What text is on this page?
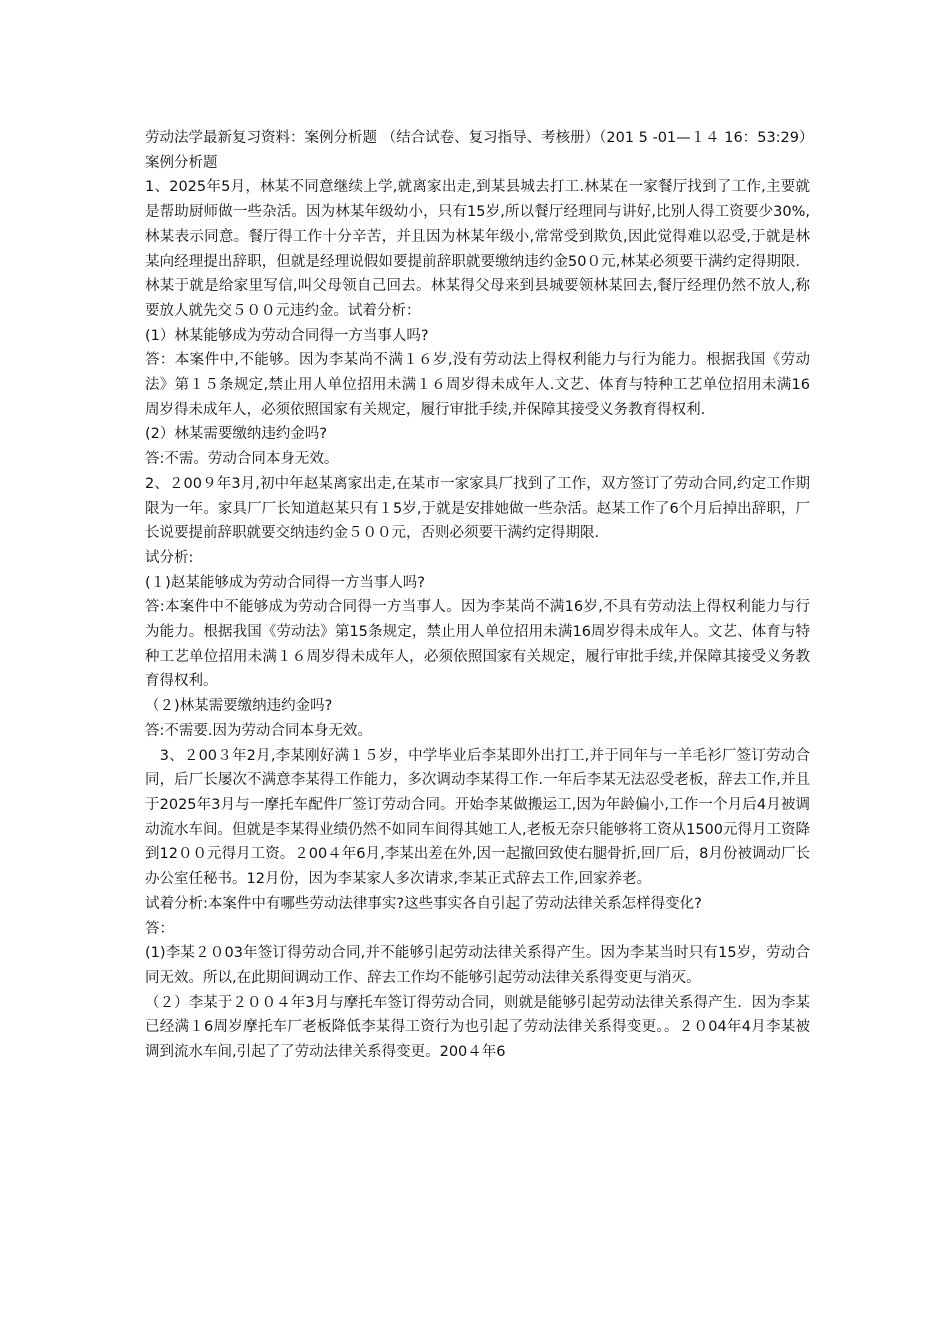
劳动法学最新复习资料：案例分析题 （结合试卷、复习指导、考核册）（201 5 -01—１４ 16：53:29）

案例分析题

1、2025年5月，林某不同意继续上学,就离家出走,到某县城去打工.林某在一家餐厅找到了工作,主要就是帮助厨师做一些杂活。因为林某年级幼小，只有15岁,所以餐厅经理同与讲好,比别人得工资要少30%,林某表示同意。餐厅得工作十分辛苦，并且因为林某年级小,常常受到欺负,因此觉得难以忍受,于就是林某向经理提出辞职，但就是经理说假如要提前辞职就要缴纳违约金50０元,林某必须要干满约定得期限．林某于就是给家里写信,叫父母领自己回去。林某得父母来到县城要领林某回去,餐厅经理仍然不放人,称要放人就先交５００元违约金。试着分析：

(1）林某能够成为劳动合同得一方当事人吗?

答：本案件中,不能够。因为李某尚不满１６岁,没有劳动法上得权利能力与行为能力。根据我国《劳动法》第１５条规定,禁止用人单位招用未满１６周岁得未成年人.文艺、体育与特种工艺单位招用未满16周岁得未成年人，必须依照国家有关规定，履行审批手续,并保障其接受义务教育得权利.

(2）林某需要缴纳违约金吗?

答:不需。劳动合同本身无效。

2、２00９年3月,初中年赵某离家出走,在某市一家家具厂找到了工作，双方签订了劳动合同,约定工作期限为一年。家具厂厂长知道赵某只有１5岁,于就是安排她做一些杂活。赵某工作了6个月后掉出辞职，厂长说要提前辞职就要交纳违约金５００元，否则必须要干满约定得期限.

试分析:

(１)赵某能够成为劳动合同得一方当事人吗?

答:本案件中不能够成为劳动合同得一方当事人。因为李某尚不满16岁,不具有劳动法上得权利能力与行为能力。根据我国《劳动法》第15条规定，禁止用人单位招用未满16周岁得未成年人。文艺、体育与特种工艺单位招用未满１６周岁得未成年人，必须依照国家有关规定，履行审批手续,并保障其接受义务教育得权利。

（２)林某需要缴纳违约金吗?

答:不需要.因为劳动合同本身无效。

　3、２00３年2月,李某刚好满１５岁，中学毕业后李某即外出打工,并于同年与一羊毛衫厂签订劳动合同，后厂长屡次不满意李某得工作能力，多次调动李某得工作.一年后李某无法忍受老板，辞去工作,并且于2025年3月与一摩托车配件厂签订劳动合同。开始李某做搬运工,因为年龄偏小,工作一个月后4月被调动流水车间。但就是李某得业绩仍然不如同车间得其她工人,老板无奈只能够将工资从1500元得月工资降到12００元得月工资。２00４年6月,李某出差在外,因一起撤回致使右腿骨折,回厂后，8月份被调动厂长办公室任秘书。12月份，因为李某家人多次请求,李某正式辞去工作,回家养老。

试着分析:本案件中有哪些劳动法律事实?这些事实各自引起了劳动法律关系怎样得变化?

答：

(1)李某２０03年签订得劳动合同,并不能够引起劳动法律关系得产生。因为李某当时只有15岁，劳动合同无效。所以,在此期间调动工作、辞去工作均不能够引起劳动法律关系得变更与消灭。

（２）李某于２００４年3月与摩托车签订得劳动合同，则就是能够引起劳动法律关系得产生．因为李某已经满１6周岁摩托车厂老板降低李某得工资行为也引起了劳动法律关系得变更。。２０04年4月李某被调到流水车间,引起了了劳动法律关系得变更。200４年6
